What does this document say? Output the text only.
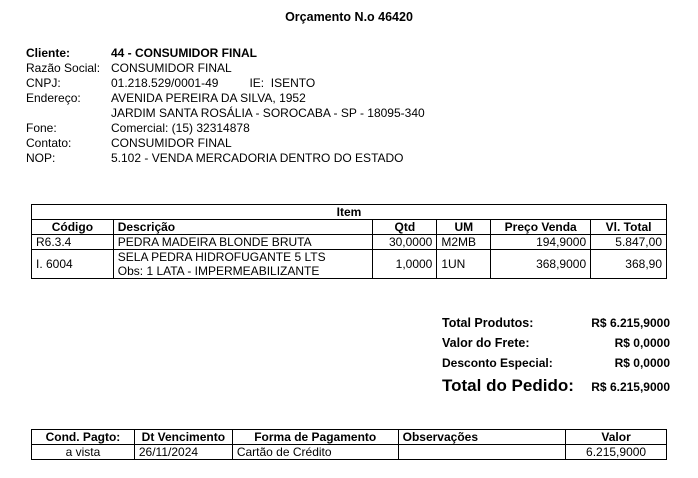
Orçamento N.o 46420
Cliente:	44 - CONSUMIDOR FINAL
Razão Social: CONSUMIDOR FINAL
CNPJ:	01.218.529/0001-49	IE:  ISENTO
Endereço:	AVENIDA PEREIRA DA SILVA, 1952
JARDIM SANTA ROSÁLIA - SOROCABA - SP - 18095-340
Fone:	Comercial: (15) 32314878
Contato:	CONSUMIDOR FINAL
NOP:	5.102 - VENDA MERCADORIA DENTRO DO ESTADO
Item					
Código	Descrição	Qtd	UM	Preço Venda	Vl. Total
R6.3.4	PEDRA MADEIRA BLONDE BRUTA	30,0000	M2MB	194,9000	5.847,00
I. 6004	SELA PEDRA HIDROFUGANTE 5 LTS
Obs: 1 LATA - IMPERMEABILIZANTE	1,0000	1UN	368,9000	368,90
Total Produtos:	R$ 6.215,9000
Valor do Frete:	R$ 0,0000
Desconto Especial:	R$ 0,0000
Total do Pedido: R$ 6.215,9000
Cond. Pagto:	Dt Vencimento	Forma de Pagamento	Observações	Valor
a vista	26/11/2024	Cartão de Crédito		6.215,9000
